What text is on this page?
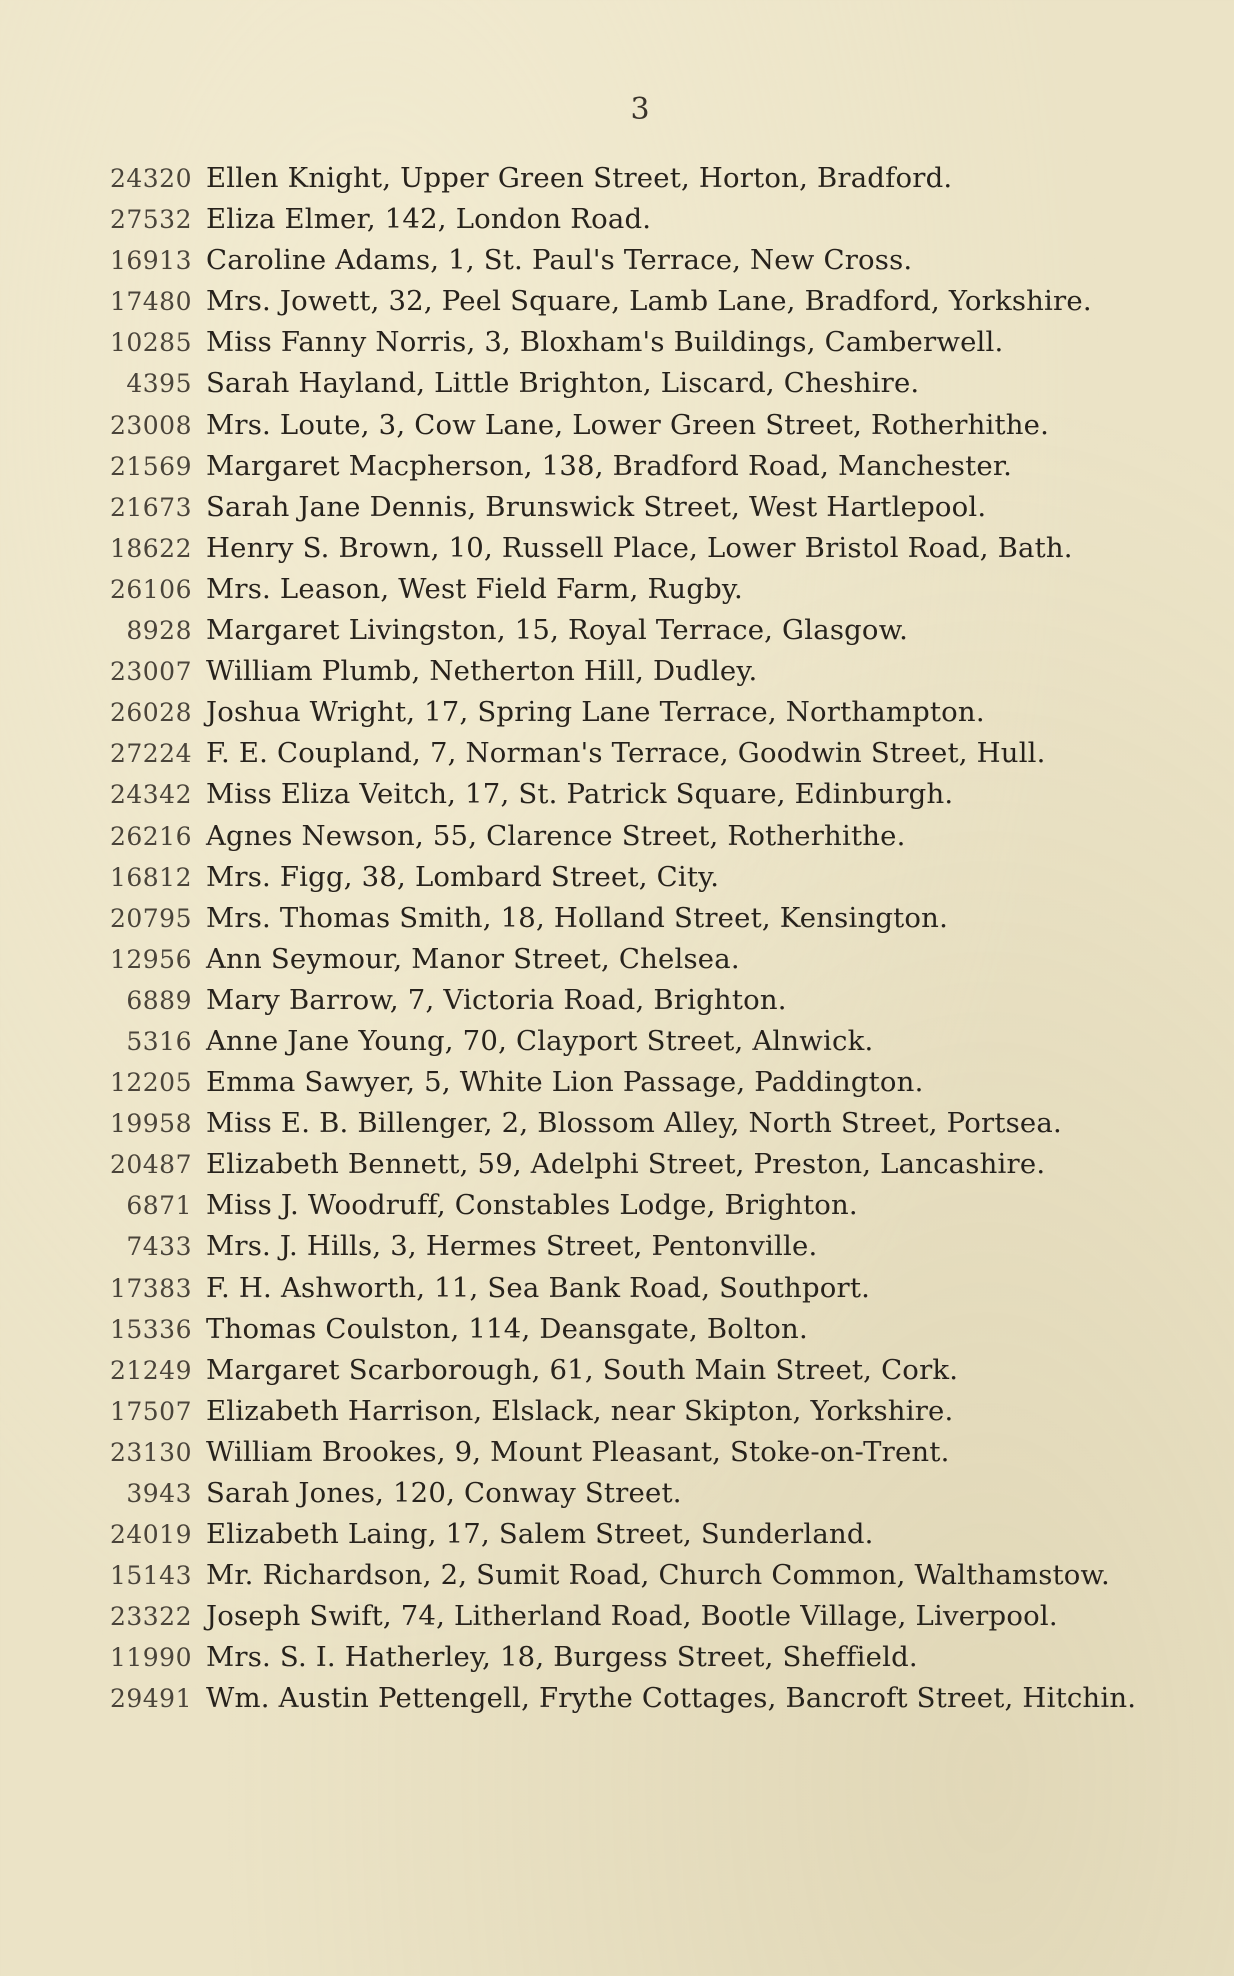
3
24320 Ellen Knight, Upper Green Street, Horton, Bradford.
27532 Eliza Elmer, 142, London Road.
16913 Caroline Adams, 1, St. Paul's Terrace, New Cross.
17480 Mrs. Jowett, 32, Peel Square, Lamb Lane, Bradford, Yorkshire.
10285 Miss Fanny Norris, 3, Bloxham's Buildings, Camberwell.
4395 Sarah Hayland, Little Brighton, Liscard, Cheshire.
23008 Mrs. Loute, 3, Cow Lane, Lower Green Street, Rotherhithe.
21569 Margaret Macpherson, 138, Bradford Road, Manchester.
21673 Sarah Jane Dennis, Brunswick Street, West Hartlepool.
18622 Henry S. Brown, 10, Russell Place, Lower Bristol Road, Bath.
26106 Mrs. Leason, West Field Farm, Rugby.
8928 Margaret Livingston, 15, Royal Terrace, Glasgow.
23007 William Plumb, Netherton Hill, Dudley.
26028 Joshua Wright, 17, Spring Lane Terrace, Northampton.
27224 F. E. Coupland, 7, Norman's Terrace, Goodwin Street, Hull.
24342 Miss Eliza Veitch, 17, St. Patrick Square, Edinburgh.
26216 Agnes Newson, 55, Clarence Street, Rotherhithe.
16812 Mrs. Figg, 38, Lombard Street, City.
20795 Mrs. Thomas Smith, 18, Holland Street, Kensington.
12956 Ann Seymour, Manor Street, Chelsea.
6889 Mary Barrow, 7, Victoria Road, Brighton.
5316 Anne Jane Young, 70, Clayport Street, Alnwick.
12205 Emma Sawyer, 5, White Lion Passage, Paddington.
19958 Miss E. B. Billenger, 2, Blossom Alley, North Street, Portsea.
20487 Elizabeth Bennett, 59, Adelphi Street, Preston, Lancashire.
6871 Miss J. Woodruff, Constables Lodge, Brighton.
7433 Mrs. J. Hills, 3, Hermes Street, Pentonville.
17383 F. H. Ashworth, 11, Sea Bank Road, Southport.
15336 Thomas Coulston, 114, Deansgate, Bolton.
21249 Margaret Scarborough, 61, South Main Street, Cork.
17507 Elizabeth Harrison, Elslack, near Skipton, Yorkshire.
23130 William Brookes, 9, Mount Pleasant, Stoke-on-Trent.
3943 Sarah Jones, 120, Conway Street.
24019 Elizabeth Laing, 17, Salem Street, Sunderland.
15143 Mr. Richardson, 2, Sumit Road, Church Common, Walthamstow.
23322 Joseph Swift, 74, Litherland Road, Bootle Village, Liverpool.
11990 Mrs. S. I. Hatherley, 18, Burgess Street, Sheffield.
29491 Wm. Austin Pettengell, Frythe Cottages, Bancroft Street, Hitchin.
